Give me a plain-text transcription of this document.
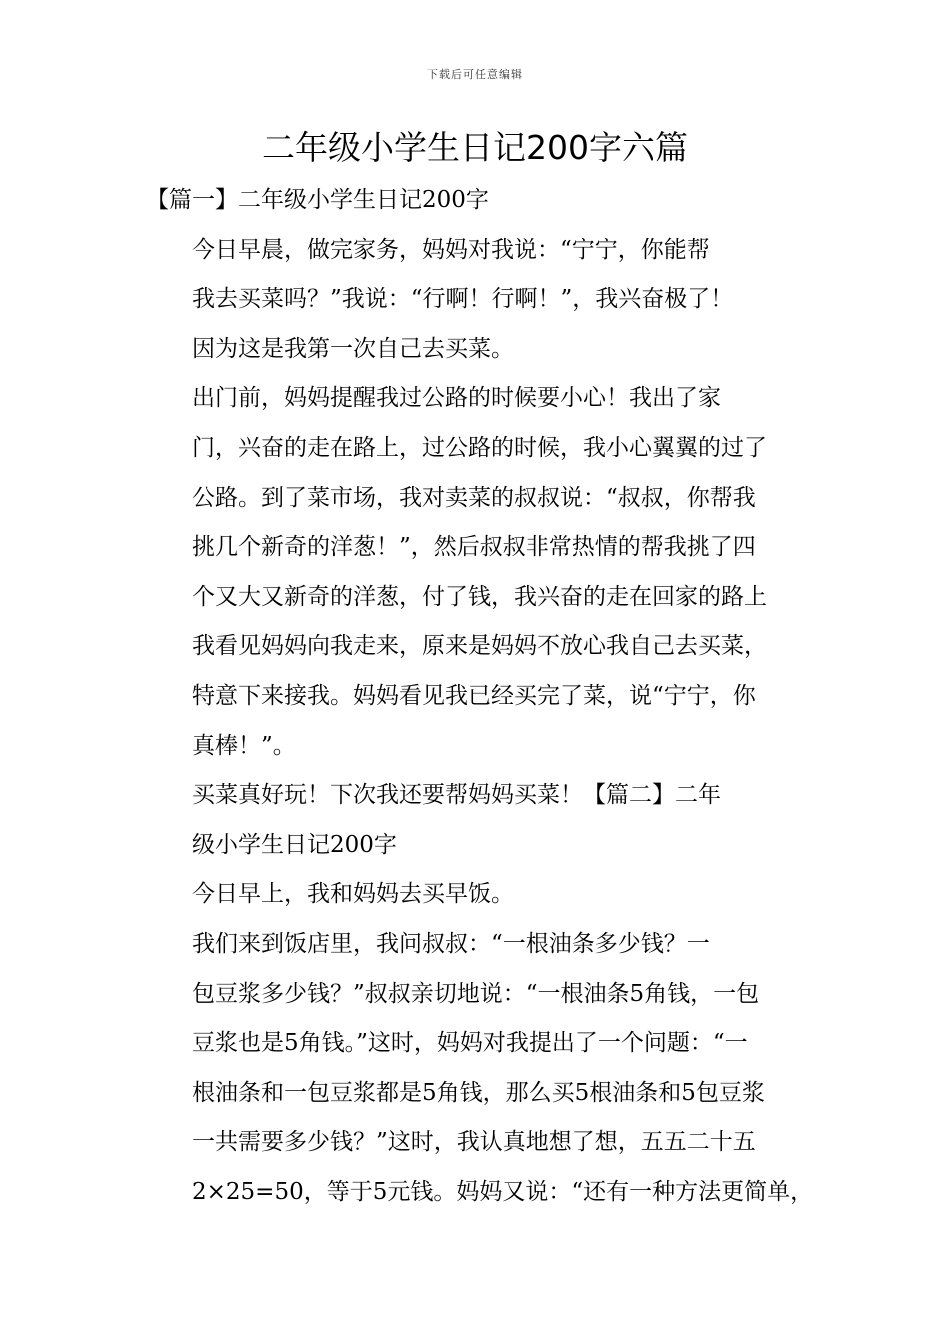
下载后可任意编辑
二年级小学生日记200字六篇

【篇一】二年级小学生日记200字

今日早晨，做完家务，妈妈对我说：“宁宁，你能帮
我去买菜吗？”我说：“行啊！行啊！”，我兴奋极了！
因为这是我第一次自己去买菜。

出门前，妈妈提醒我过公路的时候要小心！我出了家
门，兴奋的走在路上，过公路的时候，我小心翼翼的过了
公路。到了菜市场，我对卖菜的叔叔说：“叔叔，你帮我
挑几个新奇的洋葱！”，然后叔叔非常热情的帮我挑了四
个又大又新奇的洋葱，付了钱，我兴奋的走在回家的路上
我看见妈妈向我走来，原来是妈妈不放心我自己去买菜，
特意下来接我。妈妈看见我已经买完了菜，说“宁宁，你
真棒！”。

买菜真好玩！下次我还要帮妈妈买菜！【篇二】二年
级小学生日记200字

今日早上，我和妈妈去买早饭。

我们来到饭店里，我问叔叔：“一根油条多少钱？一
包豆浆多少钱？”叔叔亲切地说：“一根油条5角钱，一包
豆浆也是5角钱。”这时，妈妈对我提出了一个问题：“一
根油条和一包豆浆都是5角钱，那么买5根油条和5包豆浆
一共需要多少钱？”这时，我认真地想了想，五五二十五
2×25=50，等于5元钱。妈妈又说：“还有一种方法更简单，
